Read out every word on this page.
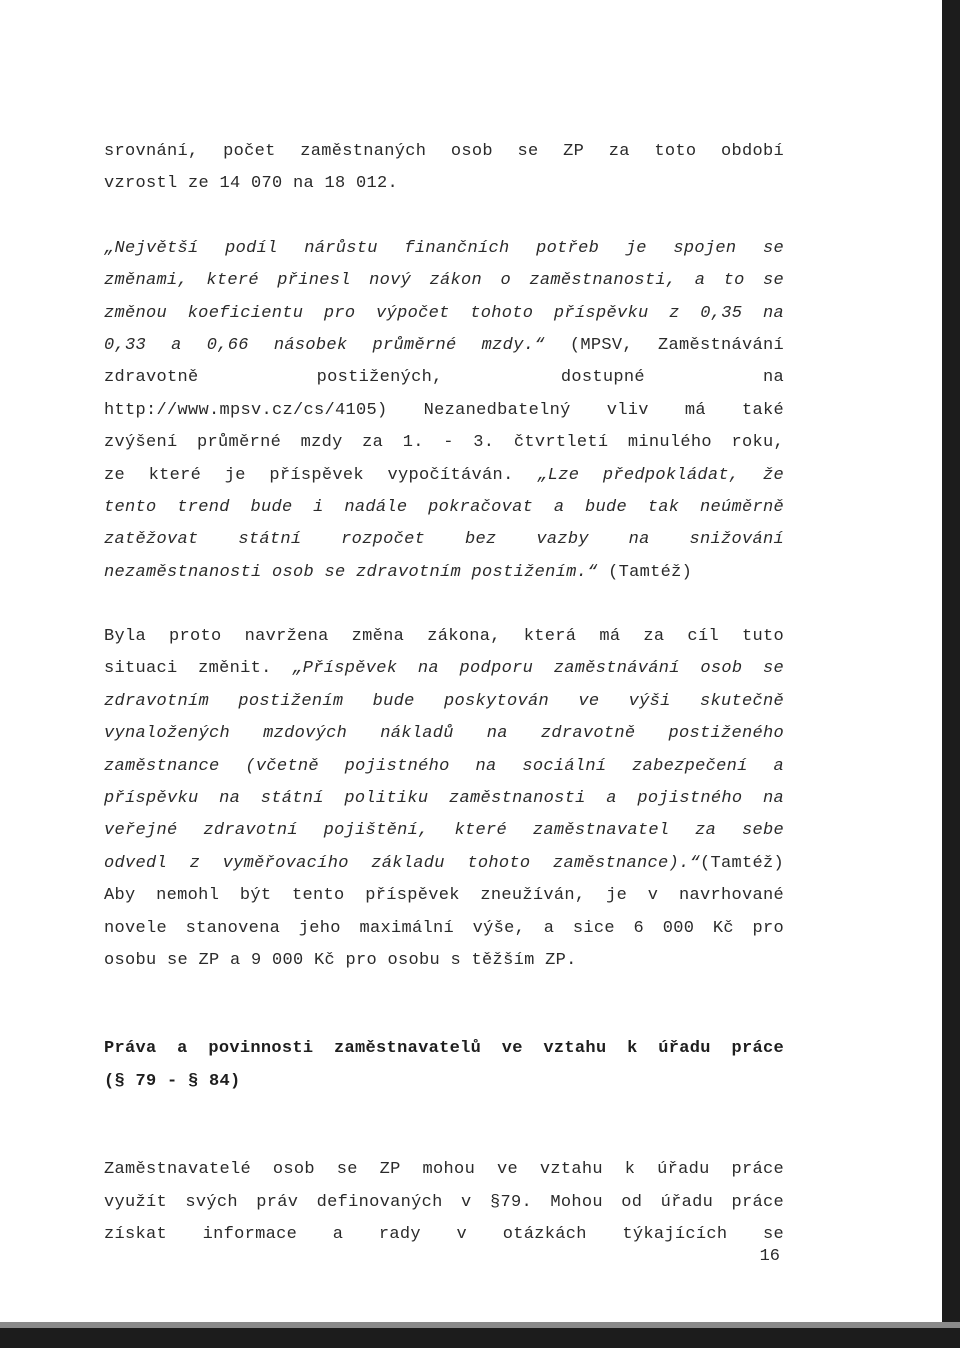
srovnání, počet zaměstnaných osob se ZP za toto období
vzrostl ze 14 070 na 18 012.
„Největší podíl nárůstu finančních potřeb je spojen se
změnami, které přinesl nový zákon o zaměstnanosti, a to se
změnou koeficientu pro výpočet tohoto příspěvku z 0,35 na
0,33 a 0,66 násobek průměrné mzdy.“ (MPSV, Zaměstnávání
zdravotně postižených, dostupné na
http://www.mpsv.cz/cs/4105) Nezanedbatelný vliv má také
zvýšení průměrné mzdy za 1. - 3. čtvrtletí minulého roku,
ze které je příspěvek vypočítáván. „Lze předpokládat, že
tento trend bude i nadále pokračovat a bude tak neúměrně
zatěžovat státní rozpočet bez vazby na snižování
nezaměstnanosti osob se zdravotním postižením.“ (Tamtéž)
Byla proto navržena změna zákona, která má za cíl tuto
situaci změnit. „Příspěvek na podporu zaměstnávání osob se
zdravotním postižením bude poskytován ve výši skutečně
vynaložených mzdových nákladů na zdravotně postiženého
zaměstnance (včetně pojistného na sociální zabezpečení a
příspěvku na státní politiku zaměstnanosti a pojistného na
veřejné zdravotní pojištění, které zaměstnavatel za sebe
odvedl z vyměřovacího základu tohoto zaměstnance).“(Tamtéž)
Aby nemohl být tento příspěvek zneužíván, je v navrhované
novele stanovena jeho maximální výše, a sice 6 000 Kč pro
osobu se ZP a 9 000 Kč pro osobu s těžším ZP.
Práva a povinnosti zaměstnavatelů ve vztahu k úřadu práce
(§ 79 - § 84)
Zaměstnavatelé osob se ZP mohou ve vztahu k úřadu práce
využít svých práv definovaných v §79. Mohou od úřadu práce
získat informace a rady v otázkách týkajících se
16
